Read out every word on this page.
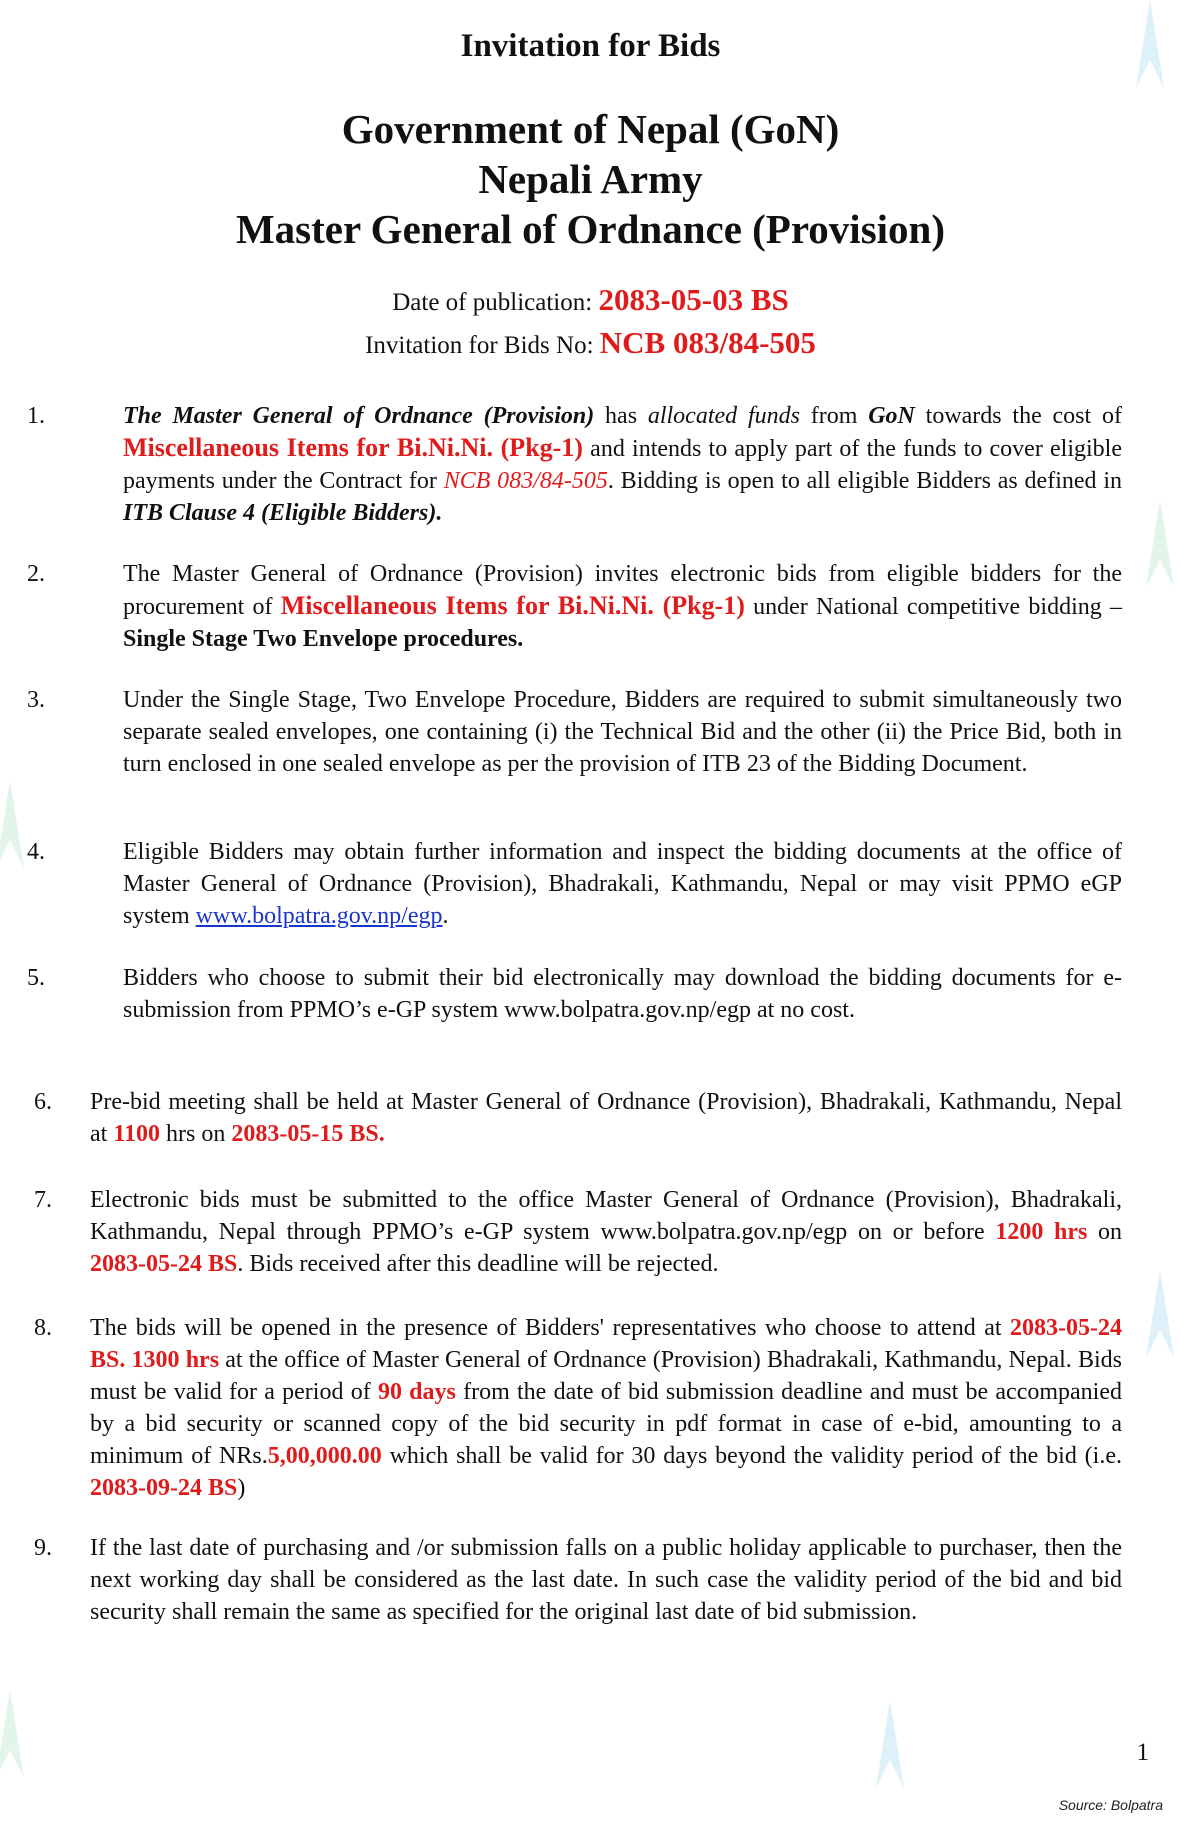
Invitation for Bids
Government of Nepal (GoN)
Nepali Army
Master General of Ordnance (Provision)
Date of publication: 2083-05-03 BS
Invitation for Bids No: NCB 083/84-505
1.	The Master General of Ordnance (Provision) has allocated funds from GoN towards the cost of Miscellaneous Items for Bi.Ni.Ni. (Pkg-1) and intends to apply part of the funds to cover eligible payments under the Contract for NCB 083/84-505. Bidding is open to all eligible Bidders as defined in ITB Clause 4 (Eligible Bidders).
2.	The Master General of Ordnance (Provision) invites electronic bids from eligible bidders for the procurement of Miscellaneous Items for Bi.Ni.Ni. (Pkg-1) under National competitive bidding – Single Stage Two Envelope procedures.
3.	Under the Single Stage, Two Envelope Procedure, Bidders are required to submit simultaneously two separate sealed envelopes, one containing (i) the Technical Bid and the other (ii) the Price Bid, both in turn enclosed in one sealed envelope as per the provision of ITB 23 of the Bidding Document.
4.	Eligible Bidders may obtain further information and inspect the bidding documents at the office of Master General of Ordnance (Provision), Bhadrakali, Kathmandu, Nepal or may visit PPMO eGP system www.bolpatra.gov.np/egp.
5.	Bidders who choose to submit their bid electronically may download the bidding documents for e-submission from PPMO’s e-GP system www.bolpatra.gov.np/egp at no cost.
6. Pre-bid meeting shall be held at Master General of Ordnance (Provision), Bhadrakali, Kathmandu, Nepal at 1100 hrs on 2083-05-15 BS.
7. Electronic bids must be submitted to the office Master General of Ordnance (Provision), Bhadrakali, Kathmandu, Nepal through PPMO’s e-GP system www.bolpatra.gov.np/egp on or before 1200 hrs on 2083-05-24 BS. Bids received after this deadline will be rejected.
8. The bids will be opened in the presence of Bidders' representatives who choose to attend at 2083-05-24 BS. 1300 hrs at the office of Master General of Ordnance (Provision) Bhadrakali, Kathmandu, Nepal. Bids must be valid for a period of 90 days from the date of bid submission deadline and must be accompanied by a bid security or scanned copy of the bid security in pdf format in case of e-bid, amounting to a minimum of NRs.5,00,000.00 which shall be valid for 30 days beyond the validity period of the bid (i.e. 2083-09-24 BS)
9. If the last date of purchasing and /or submission falls on a public holiday applicable to purchaser, then the next working day shall be considered as the last date. In such case the validity period of the bid and bid security shall remain the same as specified for the original last date of bid submission.
1
Source: Bolpatra
